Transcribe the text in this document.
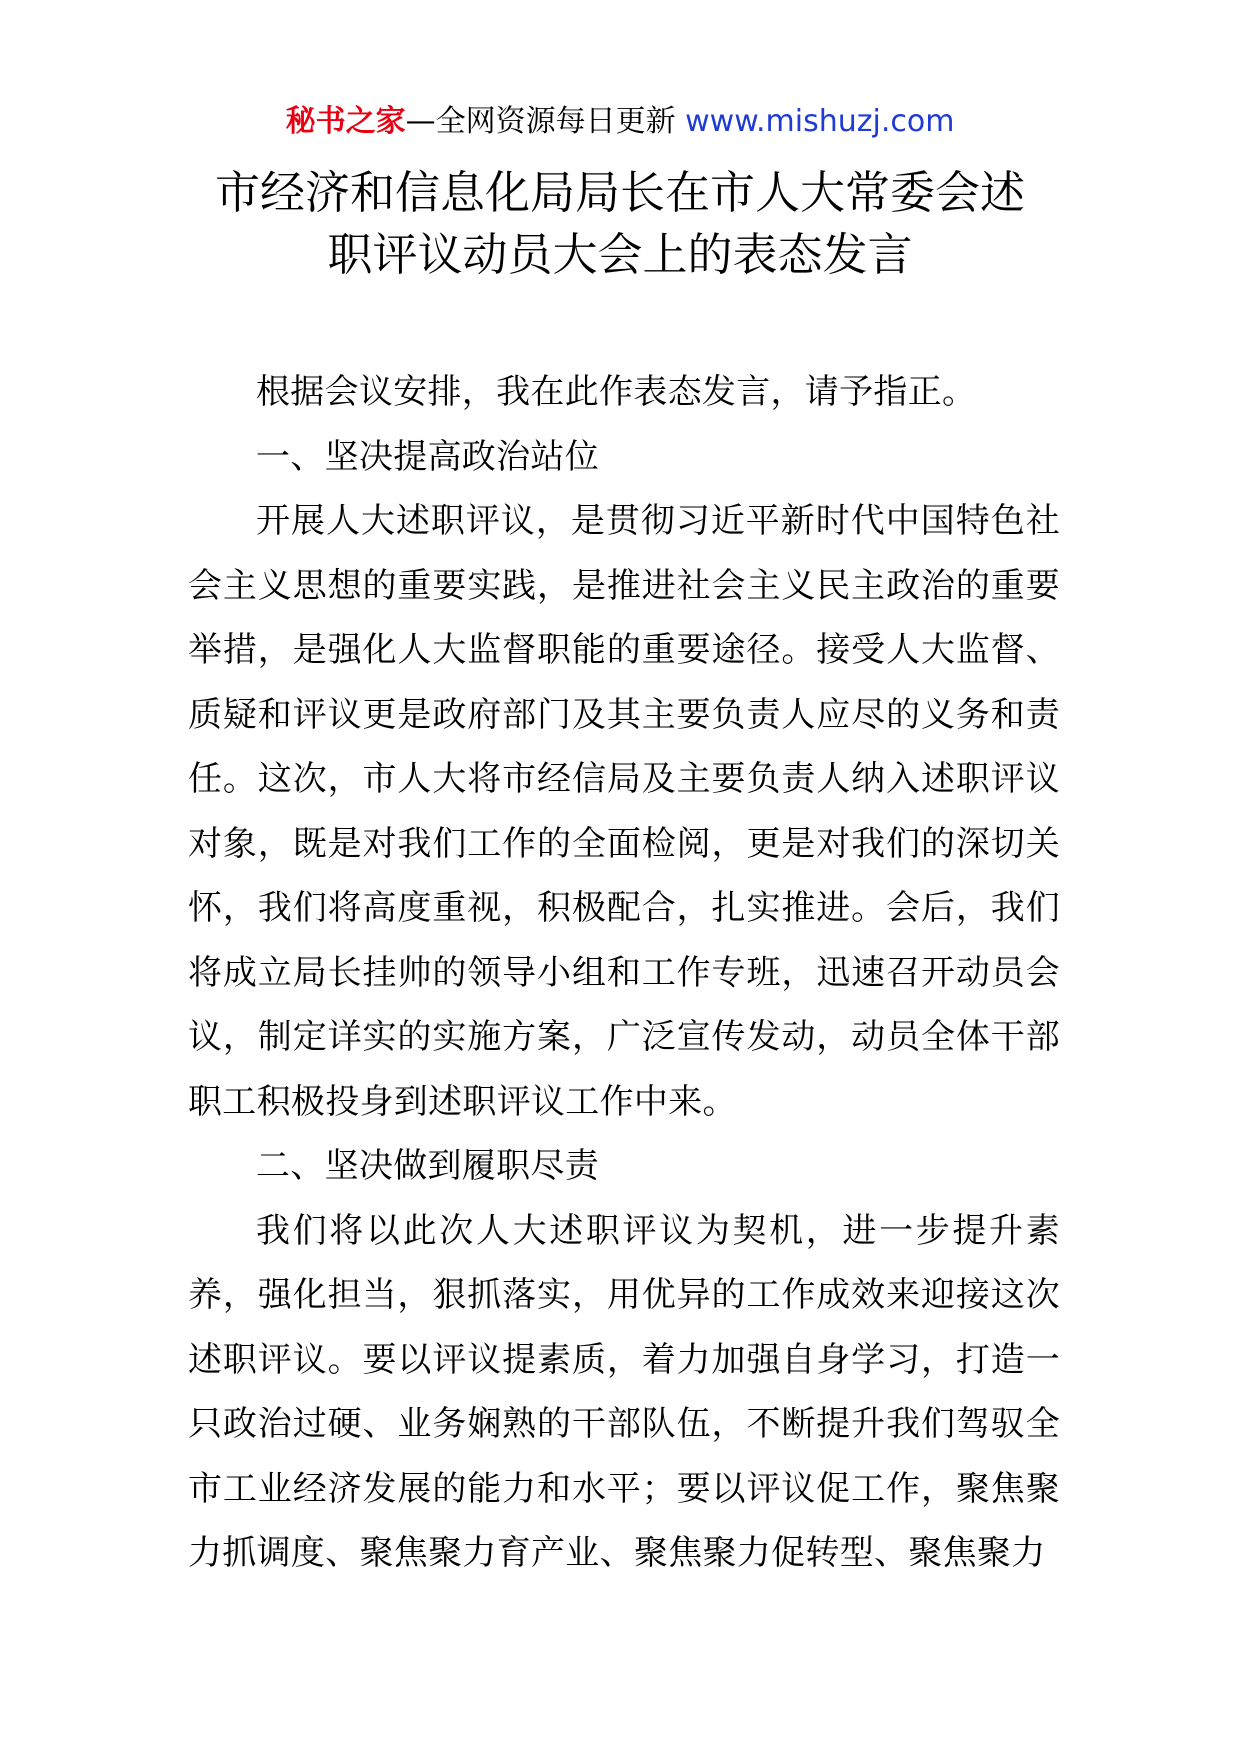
秘书之家—全网资源每日更新 www.mishuzj.com
市经济和信息化局局长在市人大常委会述
职评议动员大会上的表态发言

根据会议安排，我在此作表态发言，请予指正。

一、坚决提高政治站位

开展人大述职评议，是贯彻习近平新时代中国特色社会主义思想的重要实践，是推进社会主义民主政治的重要举措，是强化人大监督职能的重要途径。接受人大监督、质疑和评议更是政府部门及其主要负责人应尽的义务和责任。这次，市人大将市经信局及主要负责人纳入述职评议对象，既是对我们工作的全面检阅，更是对我们的深切关怀，我们将高度重视，积极配合，扎实推进。会后，我们将成立局长挂帅的领导小组和工作专班，迅速召开动员会议，制定详实的实施方案，广泛宣传发动，动员全体干部职工积极投身到述职评议工作中来。

二、坚决做到履职尽责

我们将以此次人大述职评议为契机，进一步提升素养，强化担当，狠抓落实，用优异的工作成效来迎接这次述职评议。要以评议提素质，着力加强自身学习，打造一只政治过硬、业务娴熟的干部队伍，不断提升我们驾驭全市工业经济发展的能力和水平；要以评议促工作，聚焦聚力抓调度、聚焦聚力育产业、聚焦聚力促转型、聚焦聚力
